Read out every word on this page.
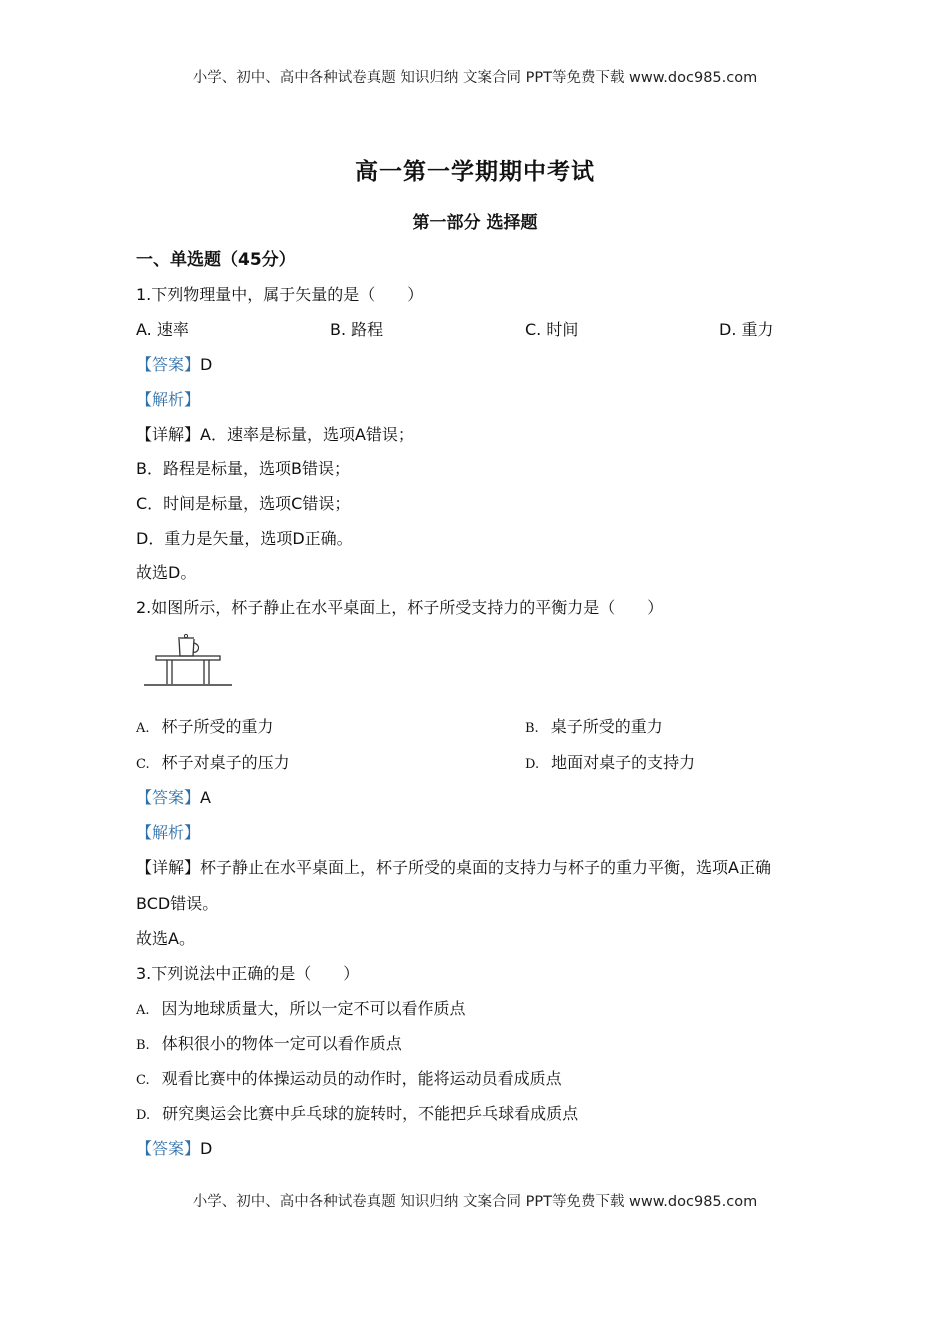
小学、初中、高中各种试卷真题 知识归纳 文案合同 PPT等免费下载 www.doc985.com
高一第一学期期中考试
第一部分 选择题
一、单选题（45分）
1.下列物理量中，属于矢量的是（　　）
A. 速率	B. 路程	C. 时间	D. 重力
【答案】D
【解析】
【详解】A．速率是标量，选项A错误；
B．路程是标量，选项B错误；
C．时间是标量，选项C错误；
D．重力是矢量，选项D正确。
故选D。
2.如图所示，杯子静止在水平桌面上，杯子所受支持力的平衡力是（　　）
A. 杯子所受的重力	B. 桌子所受的重力
C. 杯子对桌子的压力	D. 地面对桌子的支持力
【答案】A
【解析】
【详解】杯子静止在水平桌面上，杯子所受的桌面的支持力与杯子的重力平衡，选项A正确
BCD错误。
故选A。
3.下列说法中正确的是（　　）
A. 因为地球质量大，所以一定不可以看作质点
B. 体积很小的物体一定可以看作质点
C. 观看比赛中的体操运动员的动作时，能将运动员看成质点
D. 研究奥运会比赛中乒乓球的旋转时，不能把乒乓球看成质点
【答案】D
小学、初中、高中各种试卷真题 知识归纳 文案合同 PPT等免费下载 www.doc985.com
